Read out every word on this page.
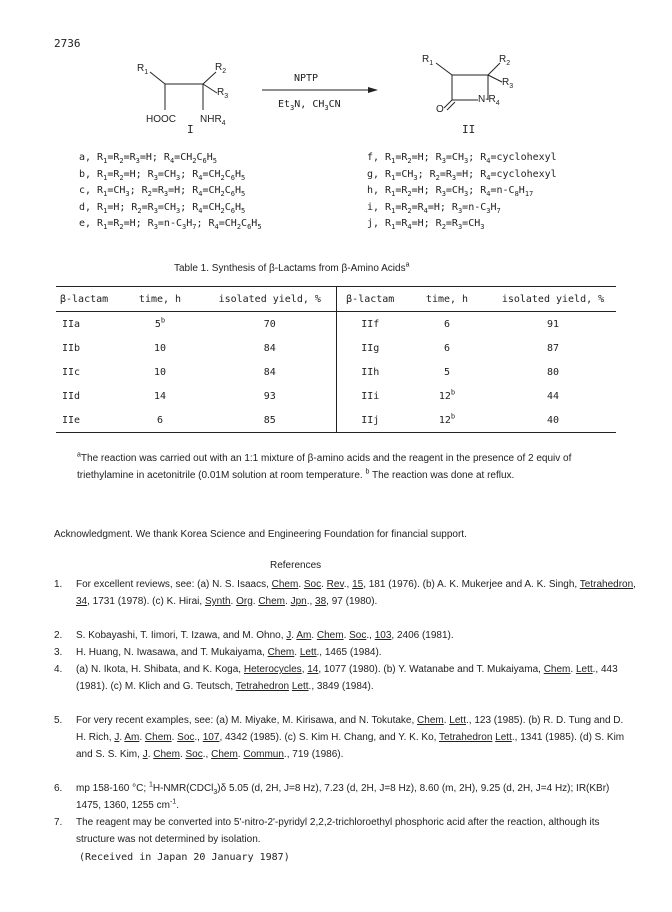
2736
$R_1$	$R_2$
$R_3$
HOOC $NHR_4$
NPTP
$Et_3N$, $CH_3CN$
$R_1$	$R_2$
$R_3$
$N-R_4$
O
I	II
a, $R_1=R_2=R_3=H$; $R_4=CH_2C_6H_5$
b, $R_1=R_2=H$; $R_3=CH_3$; $R_4=CH_2C_6H_5$
c, $R_1=CH_3$; $R_2=R_3=H$; $R_4=CH_2C_6H_5$
d, $R_1=H$; $R_2=R_3=CH_3$; $R_4=CH_2C_6H_5$
e, $R_1=R_2=H$; $R_3=n-C_3H_7$; $R_4=CH_2C_6H_5$
f, $R_1=R_2=H$; $R_3=CH_3$; $R_4=cyclohexyl$
g, $R_1=CH_3$; $R_2=R_3=H$; $R_4=cyclohexyl$
h, $R_1=R_2=H$; $R_3=CH_3$; $R_4=n-C_8H_{17}$
i, $R_1=R_2=R_4=H$; $R_3=n-C_3H_7$
j, $R_1=R_4=H$; $R_2=R_3=CH_3$
Table 1. Synthesis of β-Lactams from β-Amino Acids$^a$
β-lactam	time, h	isolated yield, %	β-lactam	time, h	isolated yield, %

IIa	5$^b$	70	IIf	6	91
IIb	10	84	IIg	6	87
IIc	10	84	IIh	5	80
IId	14	93	IIi	12$^b$	44
IIe	6	85	IIj	12$^b$	40
$^a$The reaction was carried out with an 1:1 mixture of β-amino acids and the reagent in the presence of 2 equiv of triethylamine in acetonitrile (0.01M solution at room temperature. $^b$ The reaction was done at reflux.
Acknowledgment. We thank Korea Science and Engineering Foundation for financial support.
References
1.	For excellent reviews, see: (a) N. S. Isaacs, Chem. Soc. Rev., 15, 181 (1976). (b) A. K. Mukerjee and A. K. Singh, Tetrahedron, 34, 1731 (1978). (c) K. Hirai, Synth. Org. Chem. Jpn., 38, 97 (1980).
2.	S. Kobayashi, T. Iimori, T. Izawa, and M. Ohno, J. Am. Chem. Soc., 103, 2406 (1981).
3.	H. Huang, N. Iwasawa, and T. Mukaiyama, Chem. Lett., 1465 (1984).
4.	(a) N. Ikota, H. Shibata, and K. Koga, Heterocycles, 14, 1077 (1980). (b) Y. Watanabe and T. Mukaiyama, Chem. Lett., 443 (1981). (c) M. Klich and G. Teutsch, Tetrahedron Lett., 3849 (1984).
5.	For very recent examples, see: (a) M. Miyake, M. Kirisawa, and N. Tokutake, Chem. Lett., 123 (1985). (b) R. D. Tung and D. H. Rich, J. Am. Chem. Soc., 107, 4342 (1985). (c) S. Kim H. Chang, and Y. K. Ko, Tetrahedron Lett., 1341 (1985). (d) S. Kim and S. S. Kim, J. Chem. Soc., Chem. Commun., 719 (1986).
6.	mp 158-160 °C; $^1$H-NMR(CDCl$_3$)δ 5.05 (d, 2H, J=8 Hz), 7.23 (d, 2H, J=8 Hz), 8.60 (m, 2H), 9.25 (d, 2H, J=4 Hz); IR(KBr) 1475, 1360, 1255 $cm^{-1}$.
7.	The reagent may be converted into 5'-nitro-2'-pyridyl 2,2,2-trichloroethyl phosphoric acid after the reaction, although its structure was not determined by isolation.
(Received in Japan 20 January 1987)
